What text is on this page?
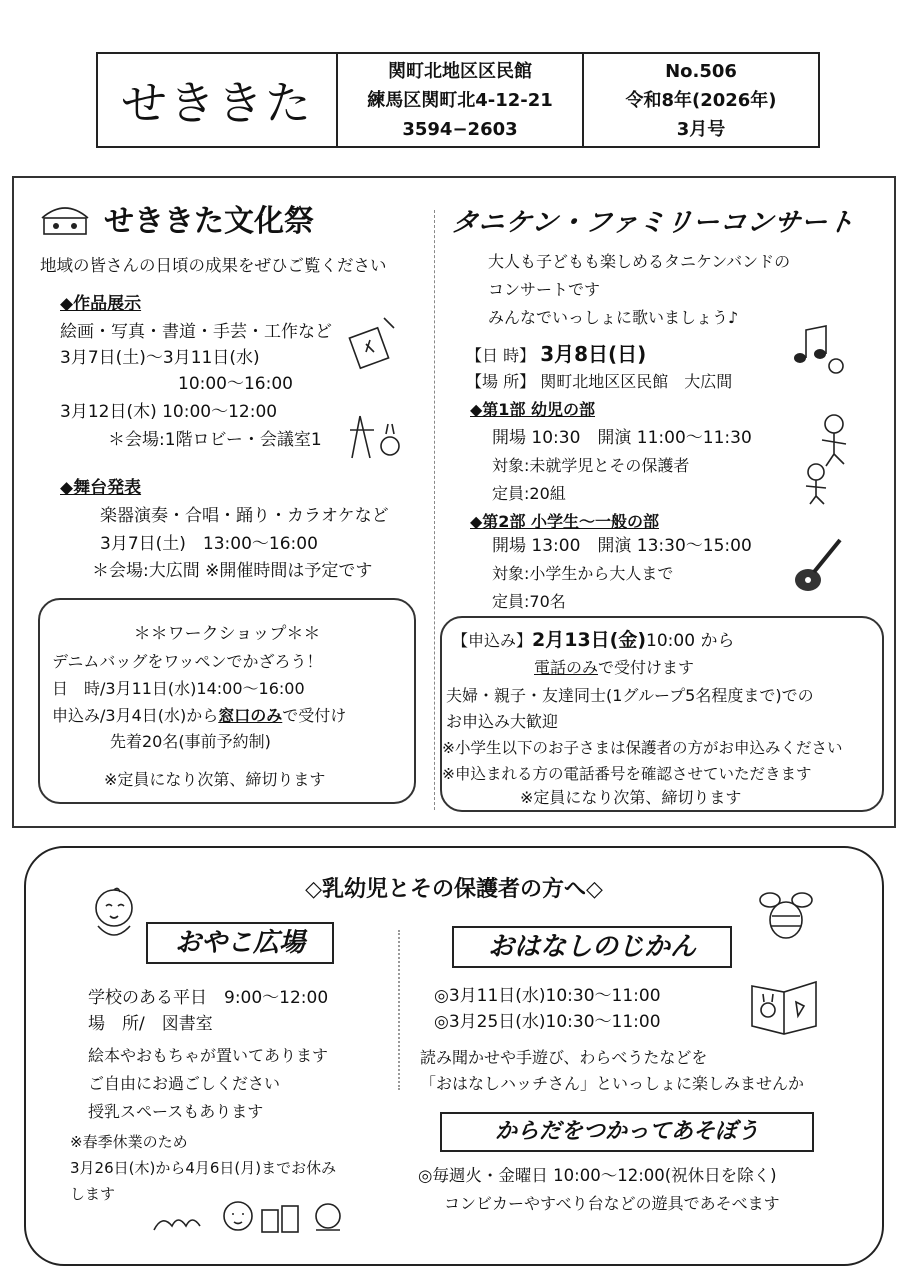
せききた
関町北地区区民館
練馬区関町北4-12-21
3594−2603
No.506
令和8年(2026年)
3月号
せききた文化祭
地域の皆さんの日頃の成果をぜひご覧ください
◆作品展示
絵画・写真・書道・手芸・工作など
3月7日(土)～3月11日(水)
10:00～16:00
3月12日(木) 10:00～12:00
＊会場:1階ロビー・会議室1
◆舞台発表
楽器演奏・合唱・踊り・カラオケなど
3月7日(土)　13:00～16:00
＊会場:大広間 ※開催時間は予定です
＊＊ワークショップ＊＊
デニムバッグをワッペンでかざろう！
日　時/3月11日(水)14:00～16:00
申込み/3月4日(水)から窓口のみで受付け
先着20名(事前予約制)
※定員になり次第、締切ります
タニケン・ファミリーコンサート
大人も子どもも楽しめるタニケンバンドの
コンサートです
みんなでいっしょに歌いましょう♪
【日 時】 3月8日(日)
【場 所】 関町北地区区民館　大広間
◆第1部 幼児の部
開場 10:30　開演 11:00～11:30
対象:未就学児とその保護者
定員:20組
◆第2部 小学生～一般の部
開場 13:00　開演 13:30～15:00
対象:小学生から大人まで
定員:70名
【申込み】2月13日(金)10:00 から
電話のみで受付けます
夫婦・親子・友達同士(1グループ5名程度まで)での
お申込み大歓迎
※小学生以下のお子さまは保護者の方がお申込みください
※申込まれる方の電話番号を確認させていただきます
※定員になり次第、締切ります
◇乳幼児とその保護者の方へ◇
おやこ広場
学校のある平日　9:00～12:00
場　所/　図書室
絵本やおもちゃが置いてあります
ご自由にお過ごしください
授乳スペースもあります
※春季休業のため
3月26日(木)から4月6日(月)までお休み
します
おはなしのじかん
◎3月11日(水)10:30～11:00
◎3月25日(水)10:30～11:00
読み聞かせや手遊び、わらべうたなどを
「おはなしハッチさん」といっしょに楽しみませんか
からだをつかってあそぼう
◎毎週火・金曜日 10:00～12:00(祝休日を除く)
コンビカーやすべり台などの遊具であそべます
